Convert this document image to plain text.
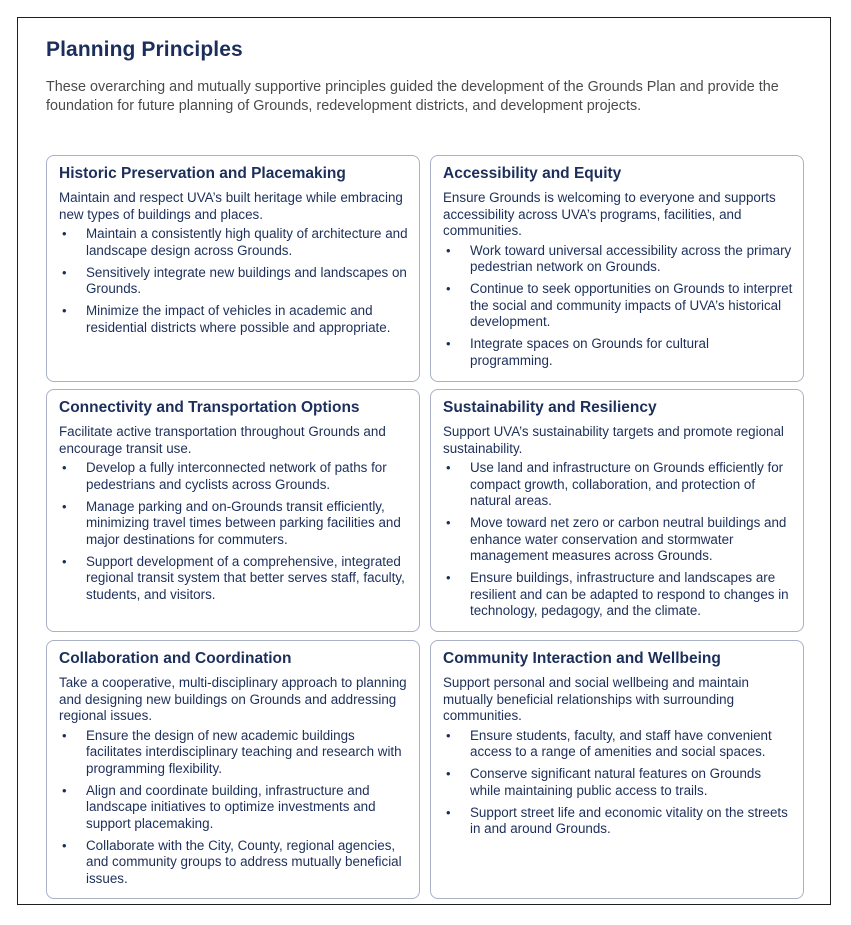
Planning Principles

These overarching and mutually supportive principles guided the development of the Grounds Plan and provide the foundation for future planning of Grounds, redevelopment districts, and development projects.

Historic Preservation and Placemaking

Maintain and respect UVA’s built heritage while embracing new types of buildings and places.

• Maintain a consistently high quality of architecture and landscape design across Grounds.
• Sensitively integrate new buildings and landscapes on Grounds.
• Minimize the impact of vehicles in academic and residential districts where possible and appropriate.
Accessibility and Equity

Ensure Grounds is welcoming to everyone and supports accessibility across UVA’s programs, facilities, and communities.

• Work toward universal accessibility across the primary pedestrian network on Grounds.
• Continue to seek opportunities on Grounds to interpret the social and community impacts of UVA’s historical development.
• Integrate spaces on Grounds for cultural programming.
Connectivity and Transportation Options

Facilitate active transportation throughout Grounds and encourage transit use.

• Develop a fully interconnected network of paths for pedestrians and cyclists across Grounds.
• Manage parking and on-Grounds transit efficiently, minimizing travel times between parking facilities and major destinations for commuters.
• Support development of a comprehensive, integrated regional transit system that better serves staff, faculty, students, and visitors.
Sustainability and Resiliency

Support UVA’s sustainability targets and promote regional sustainability.

• Use land and infrastructure on Grounds efficiently for compact growth, collaboration, and protection of natural areas.
• Move toward net zero or carbon neutral buildings and enhance water conservation and stormwater management measures across Grounds.
• Ensure buildings, infrastructure and landscapes are resilient and can be adapted to respond to changes in technology, pedagogy, and the climate.
Collaboration and Coordination

Take a cooperative, multi-disciplinary approach to planning and designing new buildings on Grounds and addressing regional issues.

• Ensure the design of new academic buildings facilitates interdisciplinary teaching and research with programming flexibility.
• Align and coordinate building, infrastructure and landscape initiatives to optimize investments and support placemaking.
• Collaborate with the City, County, regional agencies, and community groups to address mutually beneficial issues.
Community Interaction and Wellbeing

Support personal and social wellbeing and maintain mutually beneficial relationships with surrounding communities.

• Ensure students, faculty, and staff have convenient access to a range of amenities and social spaces.
• Conserve significant natural features on Grounds while maintaining public access to trails.
• Support street life and economic vitality on the streets in and around Grounds.
